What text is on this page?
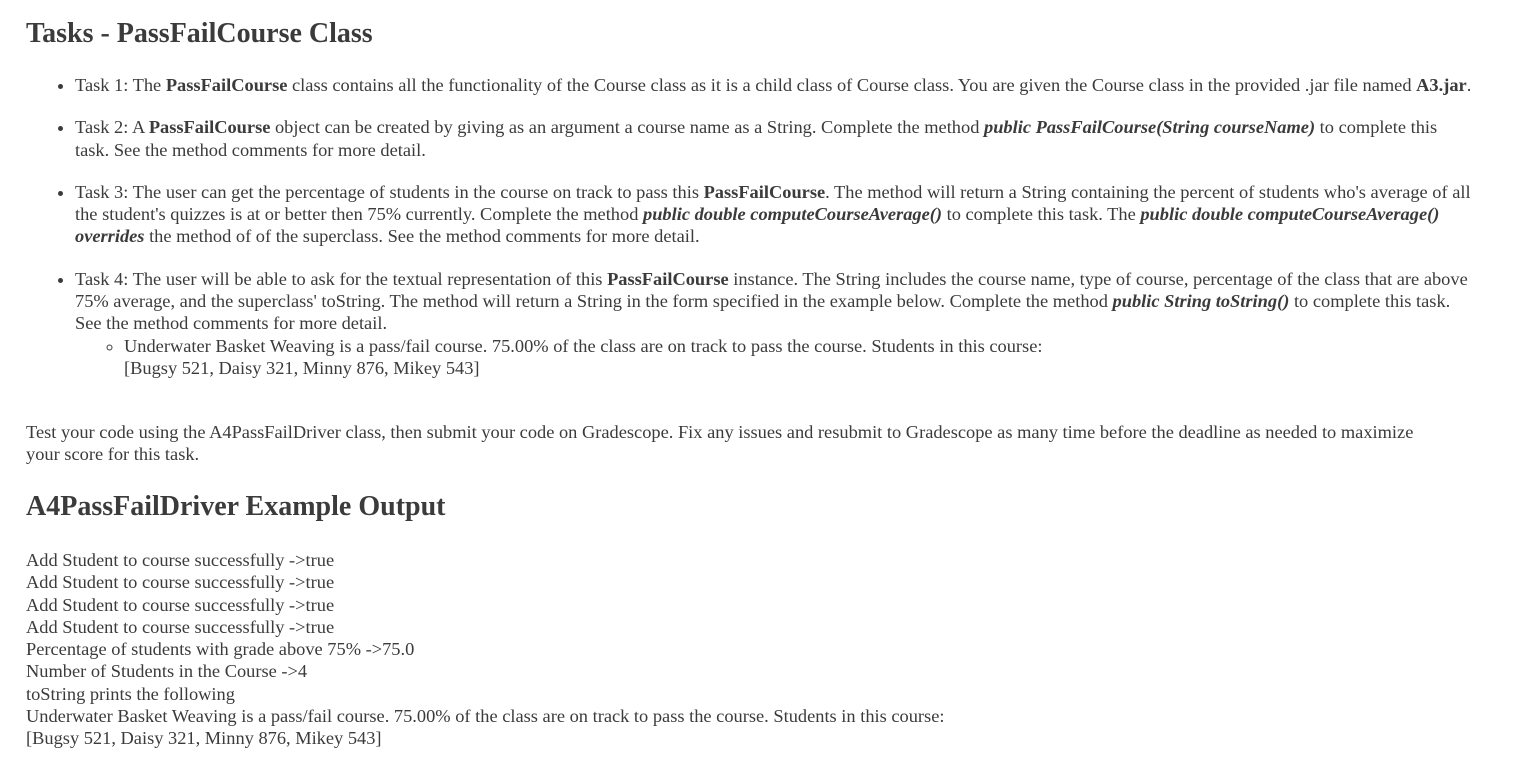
Tasks - PassFailCourse Class
• Task 1: The PassFailCourse class contains all the functionality of the Course class as it is a child class of Course class. You are given the Course class in the provided .jar file named A3.jar.
• Task 2: A PassFailCourse object can be created by giving as an argument a course name as a String. Complete the method public PassFailCourse(String courseName) to complete this task. See the method comments for more detail.
• Task 3: The user can get the percentage of students in the course on track to pass this PassFailCourse. The method will return a String containing the percent of students who's average of all the student's quizzes is at or better then 75% currently. Complete the method public double computeCourseAverage() to complete this task. The public double computeCourseAverage() overrides the method of of the superclass. See the method comments for more detail.
• Task 4: The user will be able to ask for the textual representation of this PassFailCourse instance. The String includes the course name, type of course, percentage of the class that are above 75% average, and the superclass' toString. The method will return a String in the form specified in the example below. Complete the method public String toString() to complete this task. See the method comments for more detail.
◦ Underwater Basket Weaving is a pass/fail course. 75.00% of the class are on track to pass the course. Students in this course:
[Bugsy 521, Daisy 321, Minny 876, Mikey 543]

Test your code using the A4PassFailDriver class, then submit your code on Gradescope. Fix any issues and resubmit to Gradescope as many time before the deadline as needed to maximize your score for this task.

A4PassFailDriver Example Output
Add Student to course successfully ->true
Add Student to course successfully ->true
Add Student to course successfully ->true
Add Student to course successfully ->true
Percentage of students with grade above 75% ->75.0
Number of Students in the Course ->4
toString prints the following
Underwater Basket Weaving is a pass/fail course. 75.00% of the class are on track to pass the course. Students in this course:
[Bugsy 521, Daisy 321, Minny 876, Mikey 543]
